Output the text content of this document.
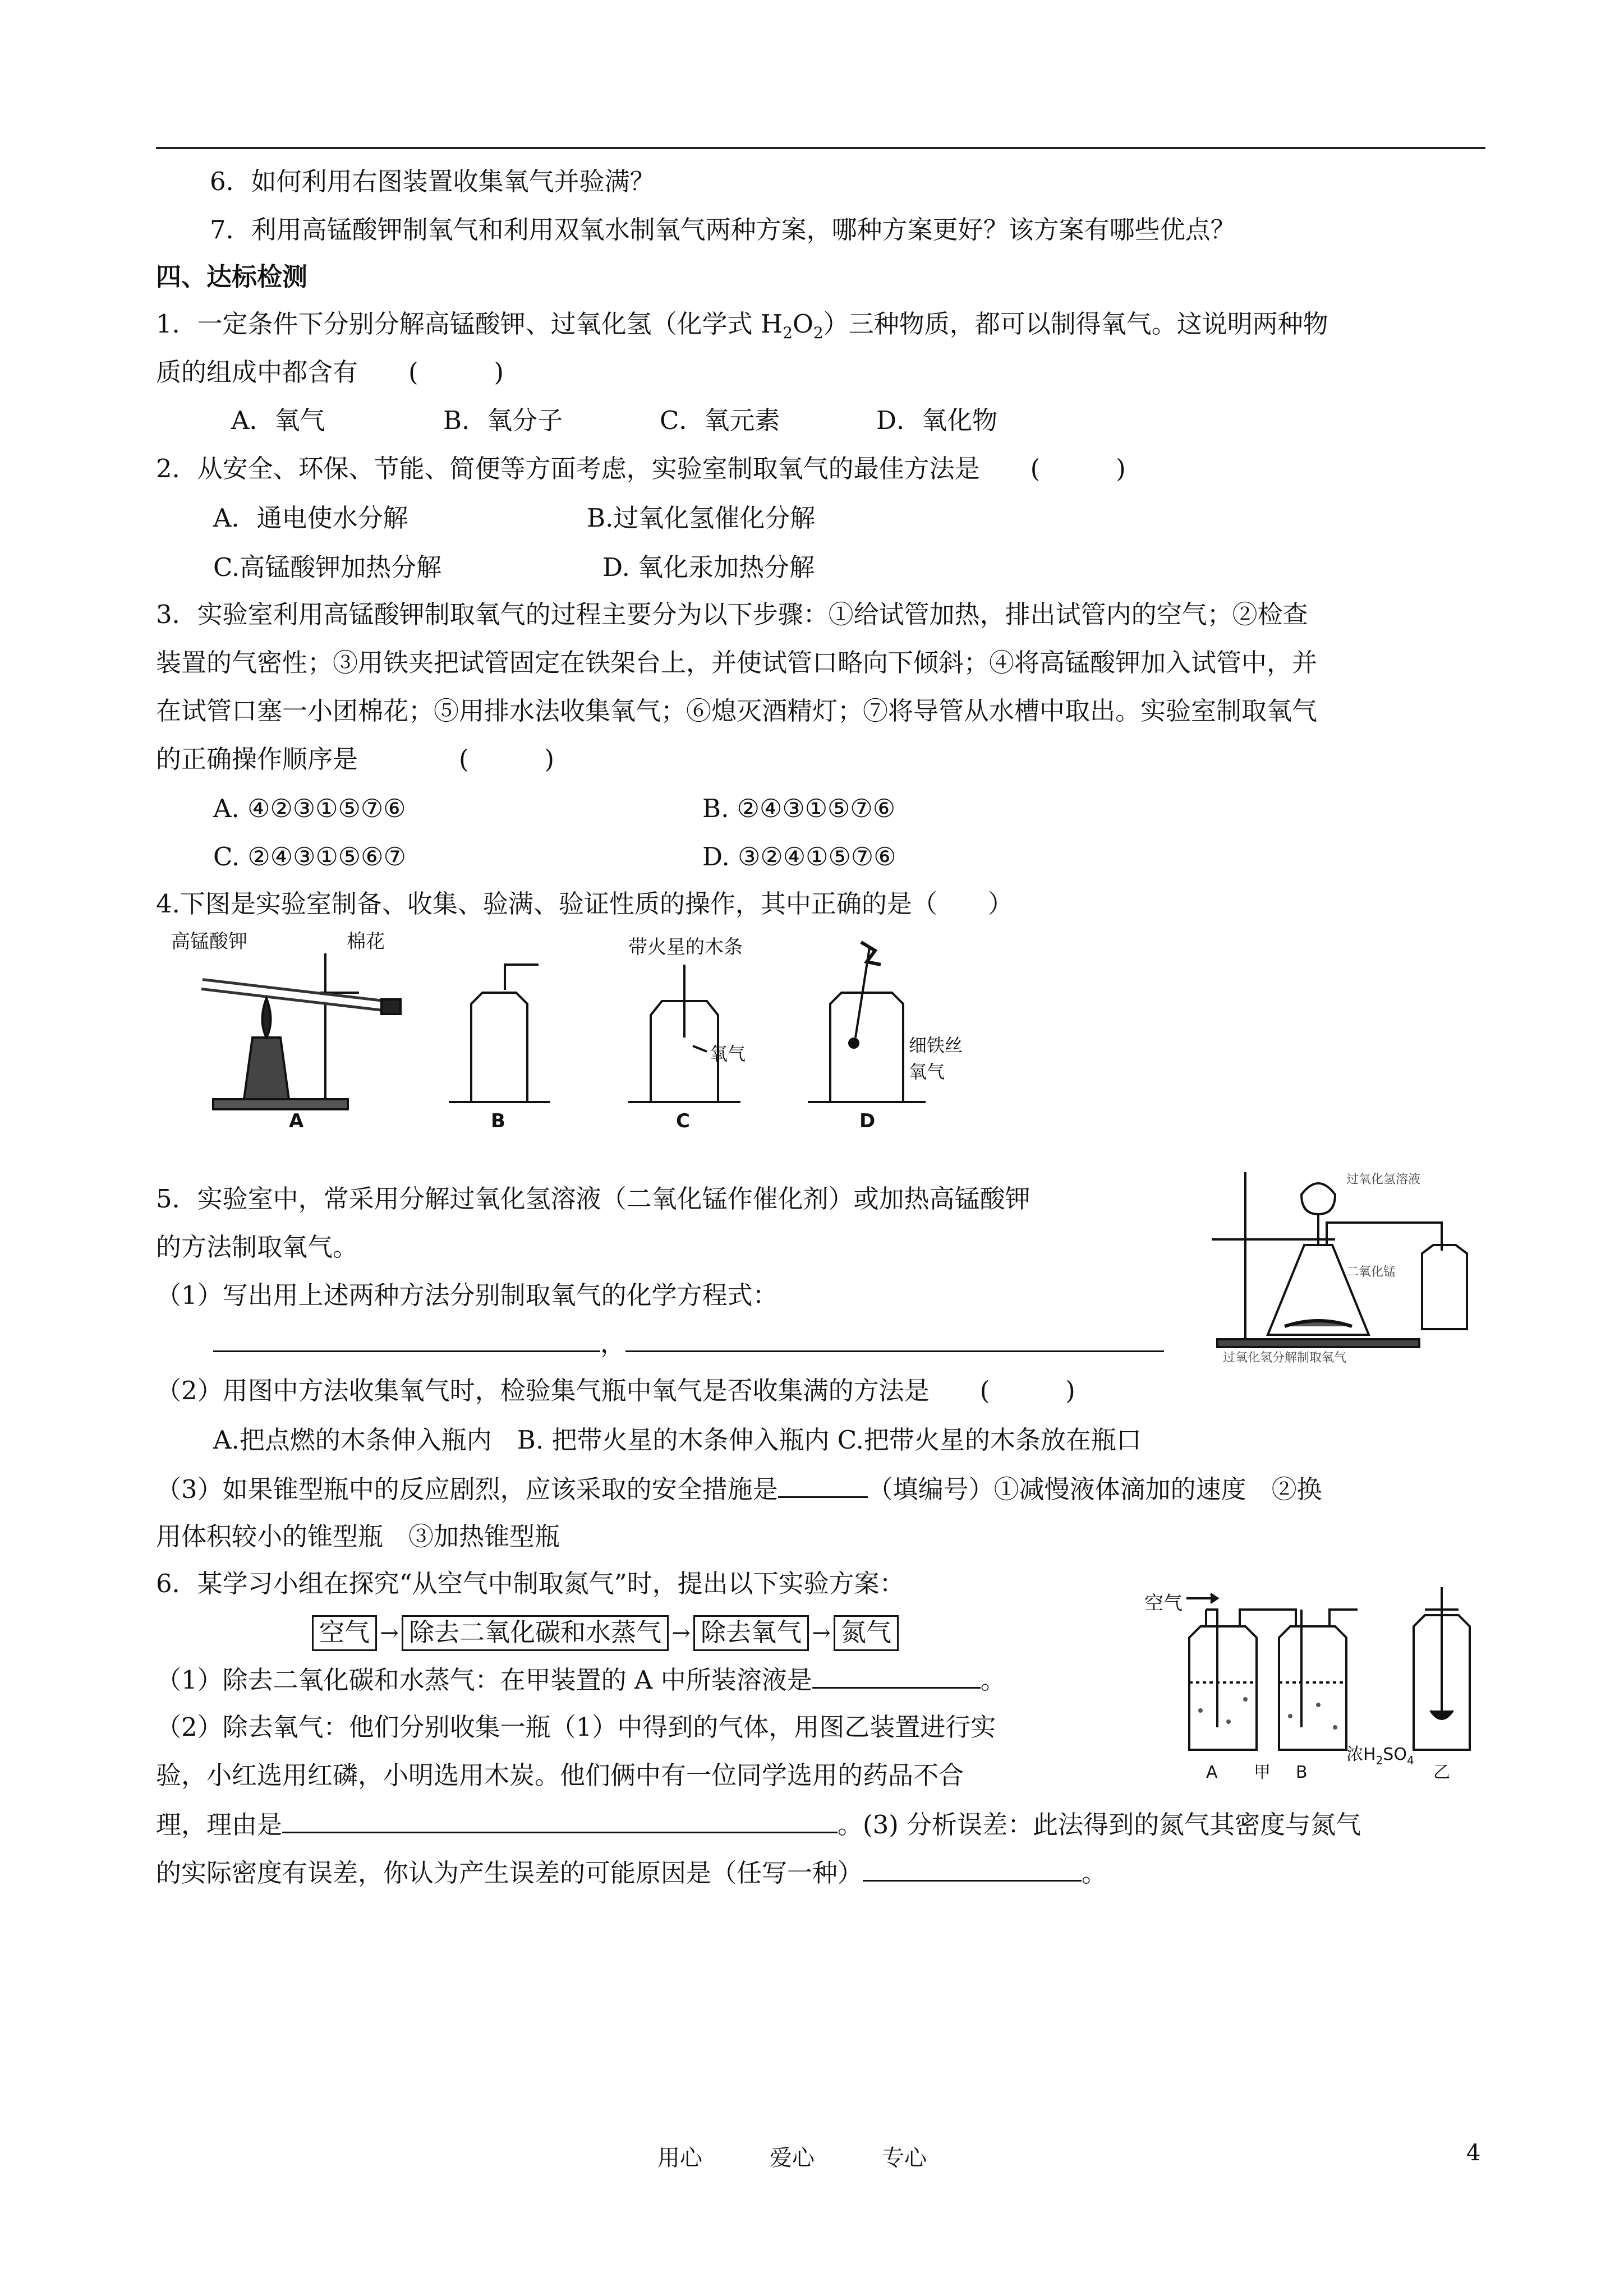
6．如何利用右图装置收集氧气并验满？
7．利用高锰酸钾制氧气和利用双氧水制氧气两种方案，哪种方案更好？该方案有哪些优点？
四、达标检测
1．一定条件下分别分解高锰酸钾、过氧化氢（化学式 $H_2O_2$）三种物质，都可以制得氧气。这说明两种物
质的组成中都含有　　(　　　)
A．氧气	B．氧分子	C．氧元素	D．氧化物
2．从安全、环保、节能、简便等方面考虑，实验室制取氧气的最佳方法是　　(　　　)
A．通电使水分解	B.过氧化氢催化分解
C.高锰酸钾加热分解	D. 氧化汞加热分解
3．实验室利用高锰酸钾制取氧气的过程主要分为以下步骤：①给试管加热，排出试管内的空气；②检查
装置的气密性；③用铁夹把试管固定在铁架台上，并使试管口略向下倾斜；④将高锰酸钾加入试管中，并
在试管口塞一小团棉花；⑤用排水法收集氧气；⑥熄灭酒精灯；⑦将导管从水槽中取出。实验室制取氧气
的正确操作顺序是　　　　(　　　)
A. ④②③①⑤⑦⑥	B. ②④③①⑤⑦⑥
C. ②④③①⑤⑥⑦	D. ③②④①⑤⑦⑥
4.下图是实验室制备、收集、验满、验证性质的操作，其中正确的是（　　）
高锰酸钾	棉花
A	B
带火星的木条
氧气
C
细铁丝
氧气
D
5．实验室中，常采用分解过氧化氢溶液（二氧化锰作催化剂）或加热高锰酸钾
的方法制取氧气。
（1）写出用上述两种方法分别制取氧气的化学方程式：
，
（2）用图中方法收集氧气时，检验集气瓶中氧气是否收集满的方法是　　(　　　)
A.把点燃的木条伸入瓶内　B. 把带火星的木条伸入瓶内 C.把带火星的木条放在瓶口
（3）如果锥型瓶中的反应剧烈，应该采取的安全措施是	（填编号）①减慢液体滴加的速度　②换
用体积较小的锥型瓶　③加热锥型瓶
过氧化氢溶液
二氧化锰
过氧化氢分解制取氧气
6．某学习小组在探究“从空气中制取氮气”时，提出以下实验方案：
空气 → 除去二氧化碳和水蒸气 → 除去氧气 → 氮气
（1）除去二氧化碳和水蒸气：在甲装置的 A 中所装溶液是	。
（2）除去氧气：他们分别收集一瓶（1）中得到的气体，用图乙装置进行实
验，小红选用红磷，小明选用木炭。他们俩中有一位同学选用的药品不合
理，理由是	。(3) 分析误差：此法得到的氮气其密度与氮气
的实际密度有误差，你认为产生误差的可能原因是（任写一种）	。
空气
A 甲 B
浓$H_2SO_4$
乙
用心	爱心	专心	4
